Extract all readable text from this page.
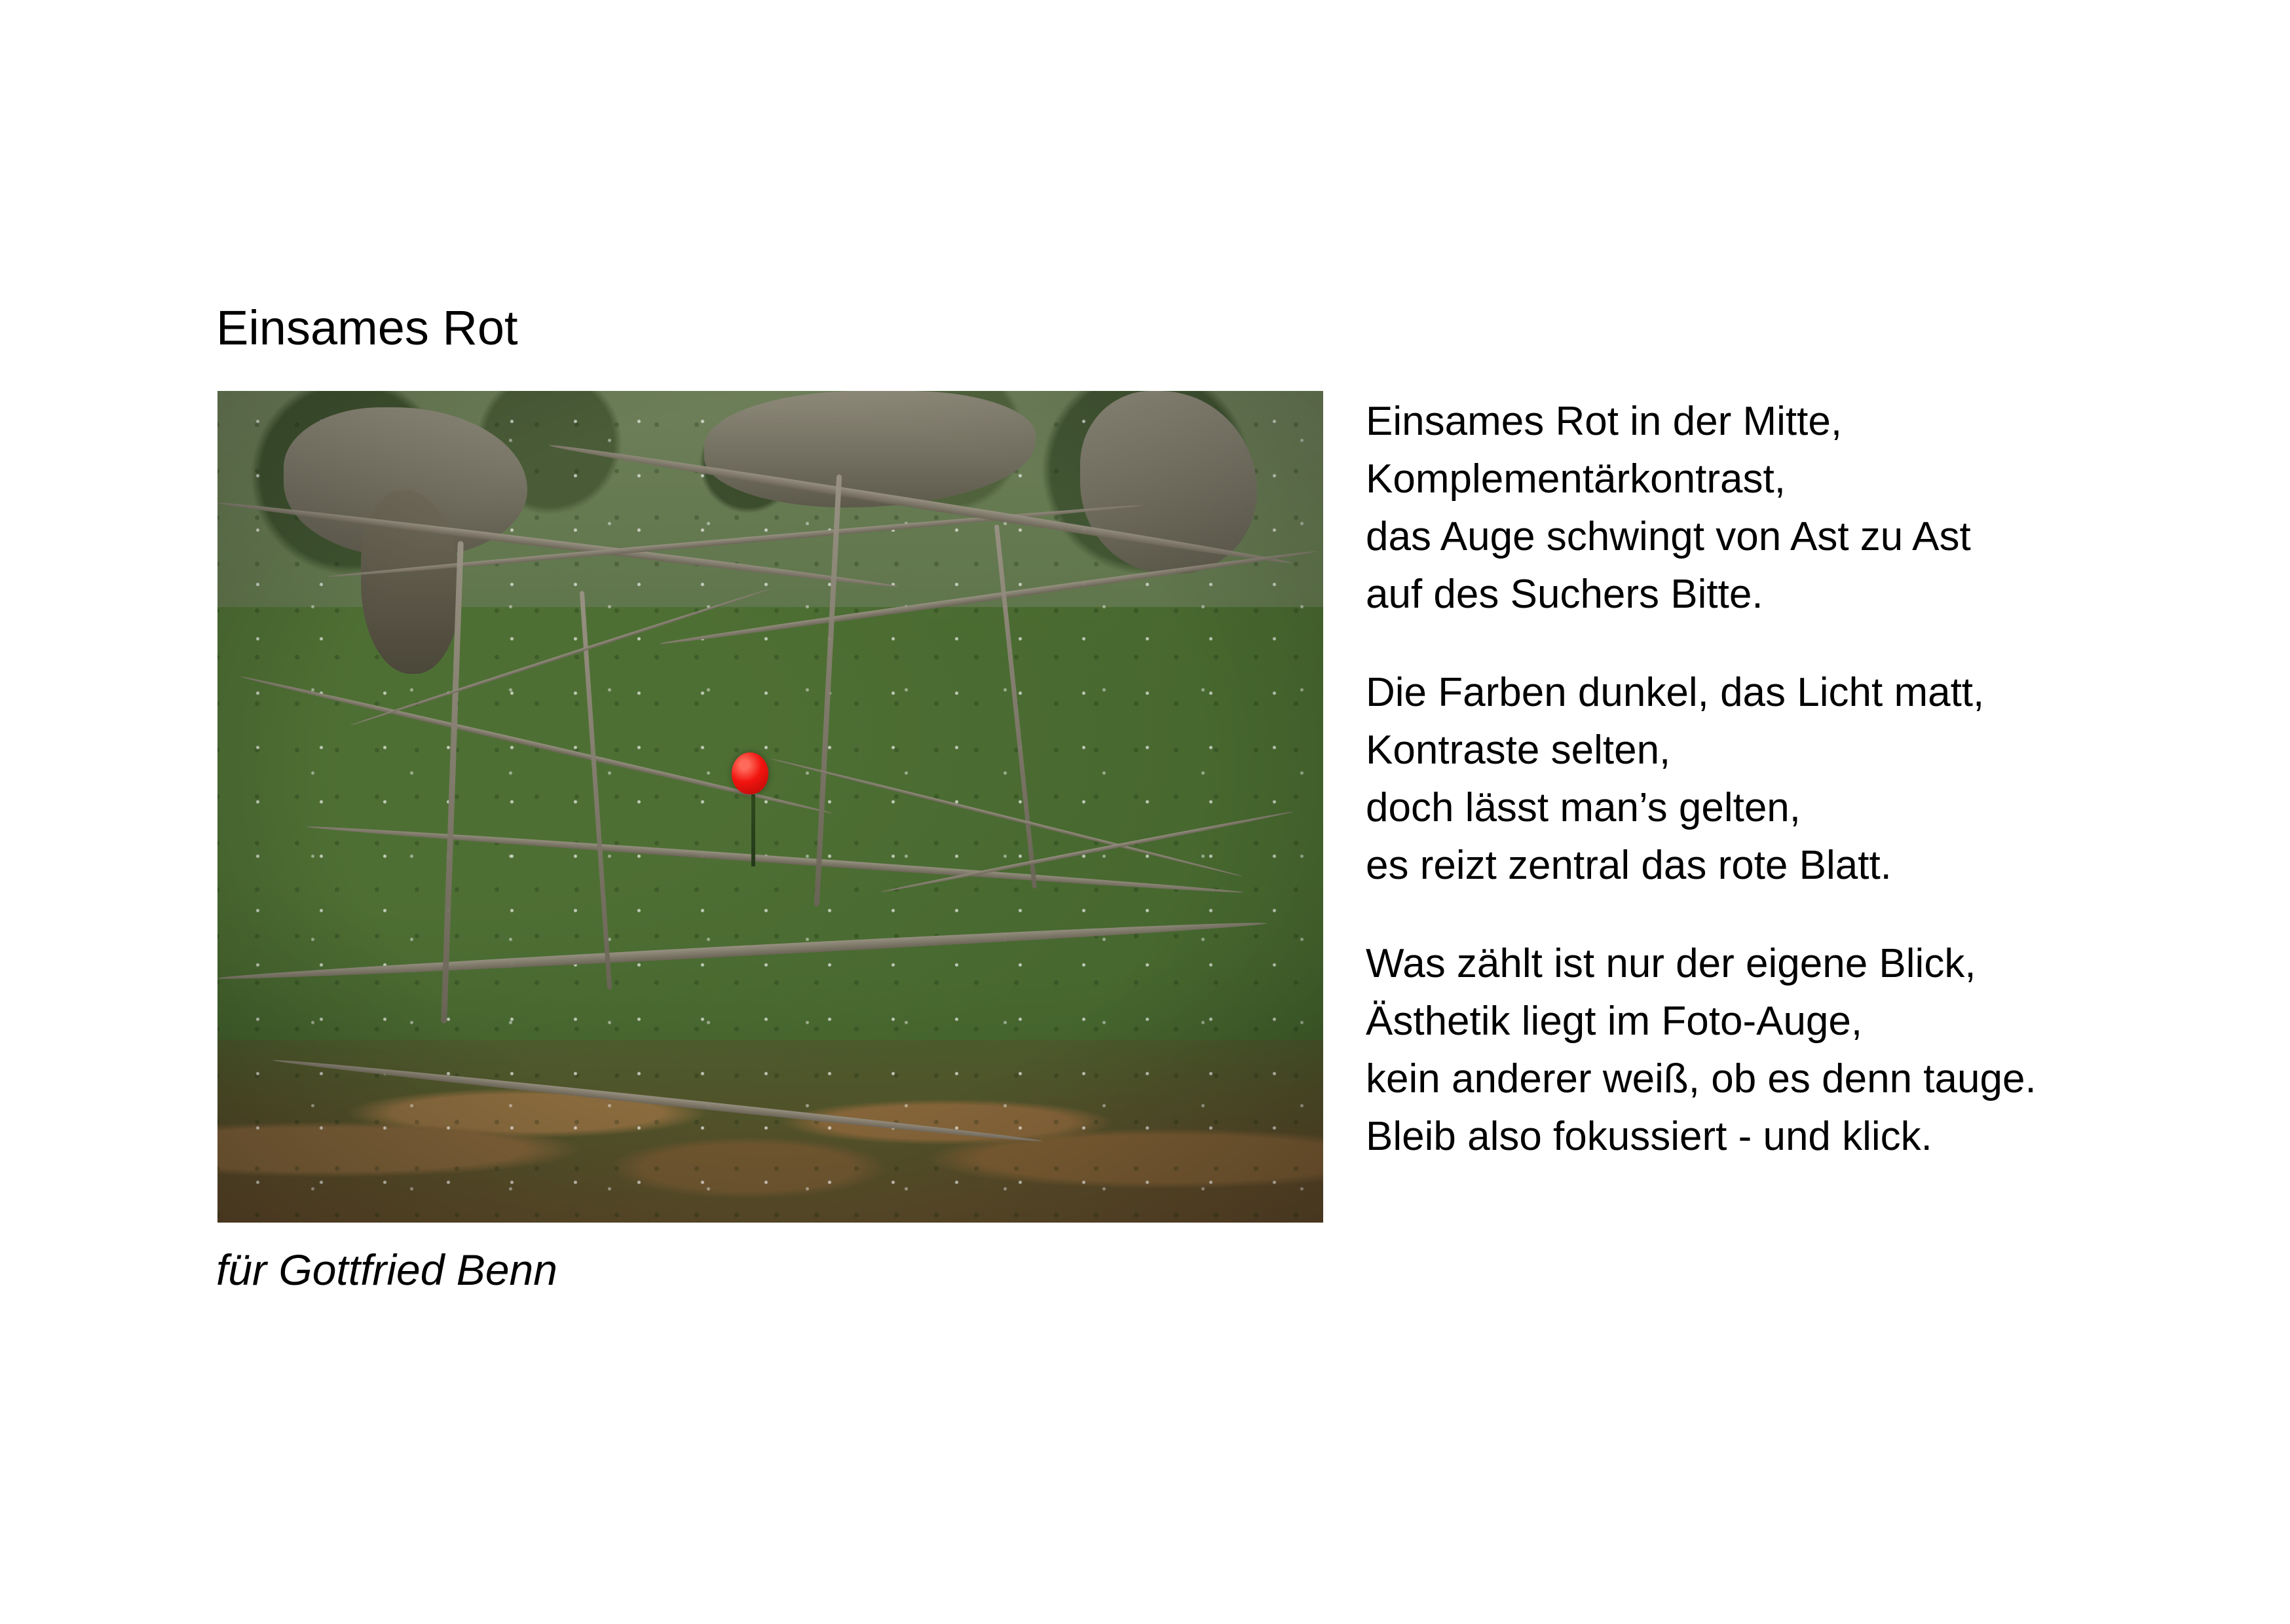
Einsames Rot
für Gottfried Benn
Einsames Rot in der Mitte,
Komplementärkontrast,
das Auge schwingt von Ast zu Ast
auf des Suchers Bitte.
Die Farben dunkel, das Licht matt,
Kontraste selten,
doch lässt man’s gelten,
es reizt zentral das rote Blatt.
Was zählt ist nur der eigene Blick,
Ästhetik liegt im Foto-Auge,
kein anderer weiß, ob es denn tauge.
Bleib also fokussiert - und klick.
